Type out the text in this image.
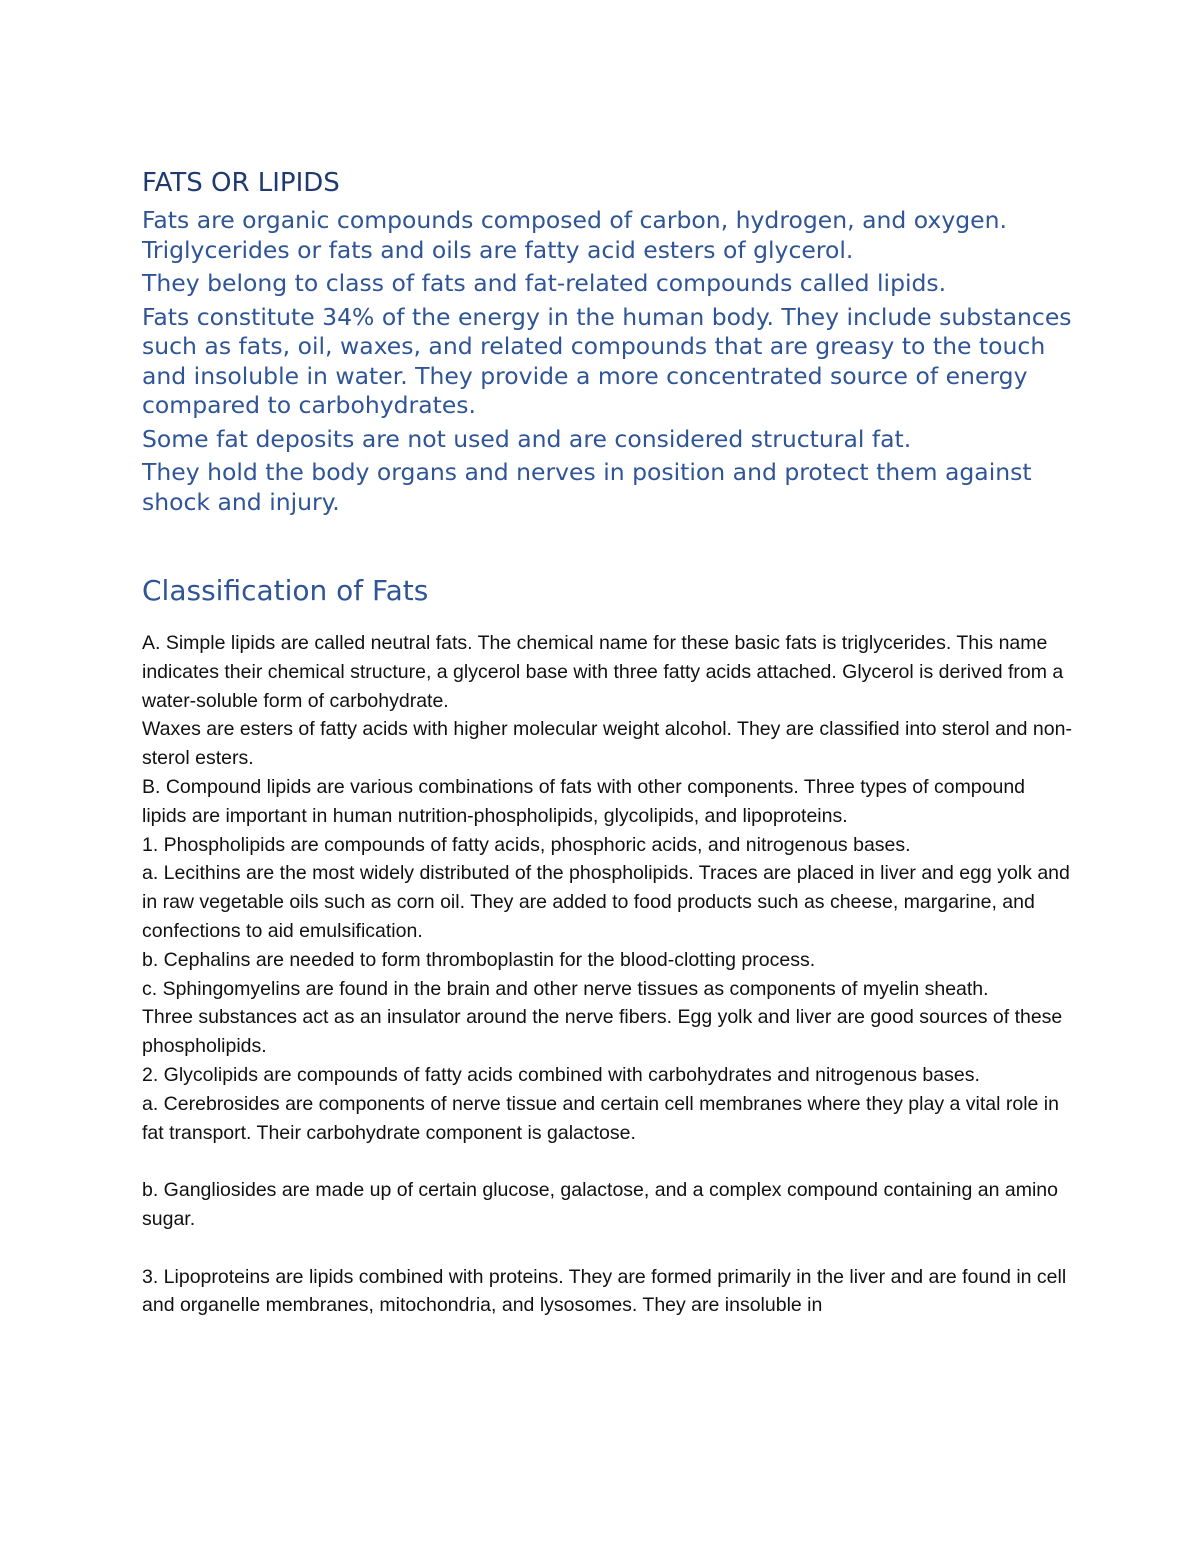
FATS OR LIPIDS

Fats are organic compounds composed of carbon, hydrogen, and oxygen. Triglycerides or fats and oils are fatty acid esters of glycerol.

They belong to class of fats and fat-related compounds called lipids.

Fats constitute 34% of the energy in the human body. They include substances such as fats, oil, waxes, and related compounds that are greasy to the touch and insoluble in water. They provide a more concentrated source of energy compared to carbohydrates.

Some fat deposits are not used and are considered structural fat.

They hold the body organs and nerves in position and protect them against shock and injury.

Classification of Fats

A. Simple lipids are called neutral fats. The chemical name for these basic fats is triglycerides. This name indicates their chemical structure, a glycerol base with three fatty acids attached. Glycerol is derived from a water-soluble form of carbohydrate.

Waxes are esters of fatty acids with higher molecular weight alcohol. They are classified into sterol and non-sterol esters.

B. Compound lipids are various combinations of fats with other components. Three types of compound lipids are important in human nutrition-phospholipids, glycolipids, and lipoproteins.

1. Phospholipids are compounds of fatty acids, phosphoric acids, and nitrogenous bases.

a. Lecithins are the most widely distributed of the phospholipids. Traces are placed in liver and egg yolk and in raw vegetable oils such as corn oil. They are added to food products such as cheese, margarine, and confections to aid emulsification.

b. Cephalins are needed to form thromboplastin for the blood-clotting process.

c. Sphingomyelins are found in the brain and other nerve tissues as components of myelin sheath.

Three substances act as an insulator around the nerve fibers. Egg yolk and liver are good sources of these phospholipids.

2. Glycolipids are compounds of fatty acids combined with carbohydrates and nitrogenous bases.

a. Cerebrosides are components of nerve tissue and certain cell membranes where they play a vital role in fat transport. Their carbohydrate component is galactose.

b. Gangliosides are made up of certain glucose, galactose, and a complex compound containing an amino sugar.

3. Lipoproteins are lipids combined with proteins. They are formed primarily in the liver and are found in cell and organelle membranes, mitochondria, and lysosomes. They are insoluble in
